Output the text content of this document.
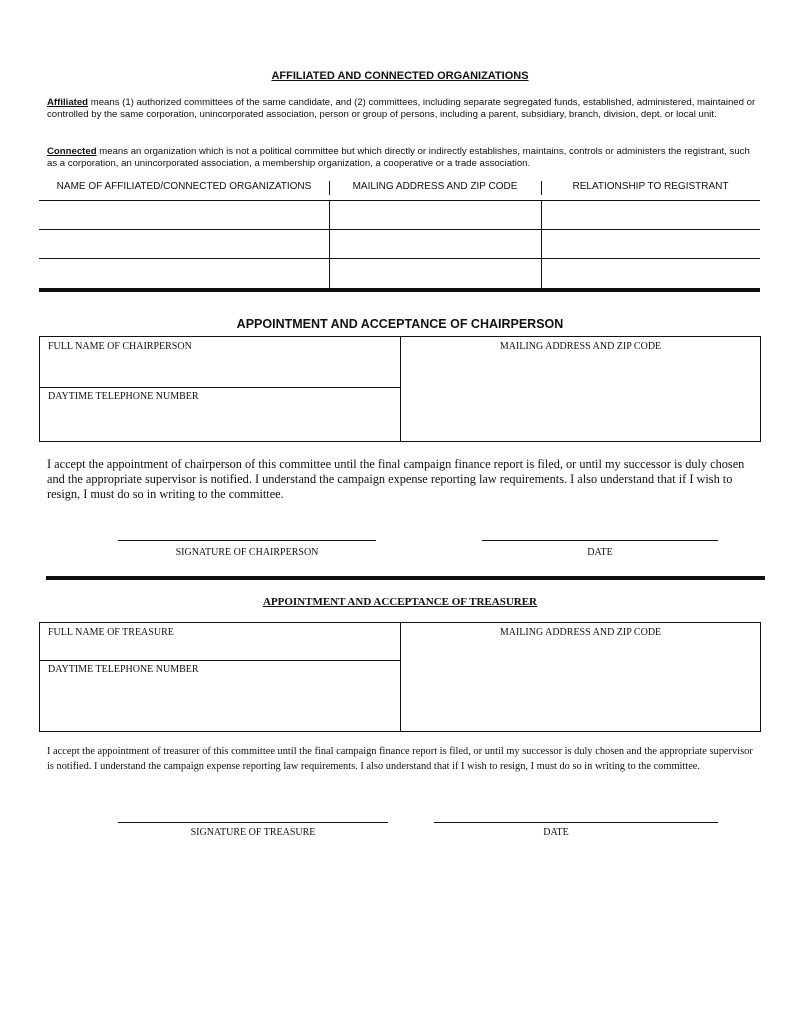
AFFILIATED AND CONNECTED ORGANIZATIONS
Affiliated means (1) authorized committees of the same candidate, and (2) committees, including separate segregated funds, established, administered, maintained or controlled by the same corporation, unincorporated association, person or group of persons, including a parent, subsidiary, branch, division, dept. or local unit.
Connected means an organization which is not a political committee but which directly or indirectly establishes, maintains, controls or administers the registrant, such as a corporation, an unincorporated association, a membership organization, a cooperative or a trade association.
NAME OF AFFILIATED/CONNECTED ORGANIZATIONS	MAILING ADDRESS AND ZIP CODE	RELATIONSHIP TO REGISTRANT
APPOINTMENT AND ACCEPTANCE OF CHAIRPERSON
FULL NAME OF CHAIRPERSON
DAYTIME TELEPHONE NUMBER
MAILING ADDRESS AND ZIP CODE
I accept the appointment of chairperson of this committee until the final campaign finance report is filed, or until my successor is duly chosen and the appropriate supervisor is notified. I understand the campaign expense reporting law requirements. I also understand that if I wish to resign, I must do so in writing to the committee.
SIGNATURE OF CHAIRPERSON	DATE
APPOINTMENT AND ACCEPTANCE OF TREASURER
FULL NAME OF TREASURE
DAYTIME TELEPHONE NUMBER
MAILING ADDRESS AND ZIP CODE
I accept the appointment of treasurer of this committee until the final campaign finance report is filed, or until my successor is duly chosen and the appropriate supervisor is notified. I understand the campaign expense reporting law requirements. I also understand that if I wish to resign, I must do so in writing to the committee.
SIGNATURE OF TREASURE	DATE
